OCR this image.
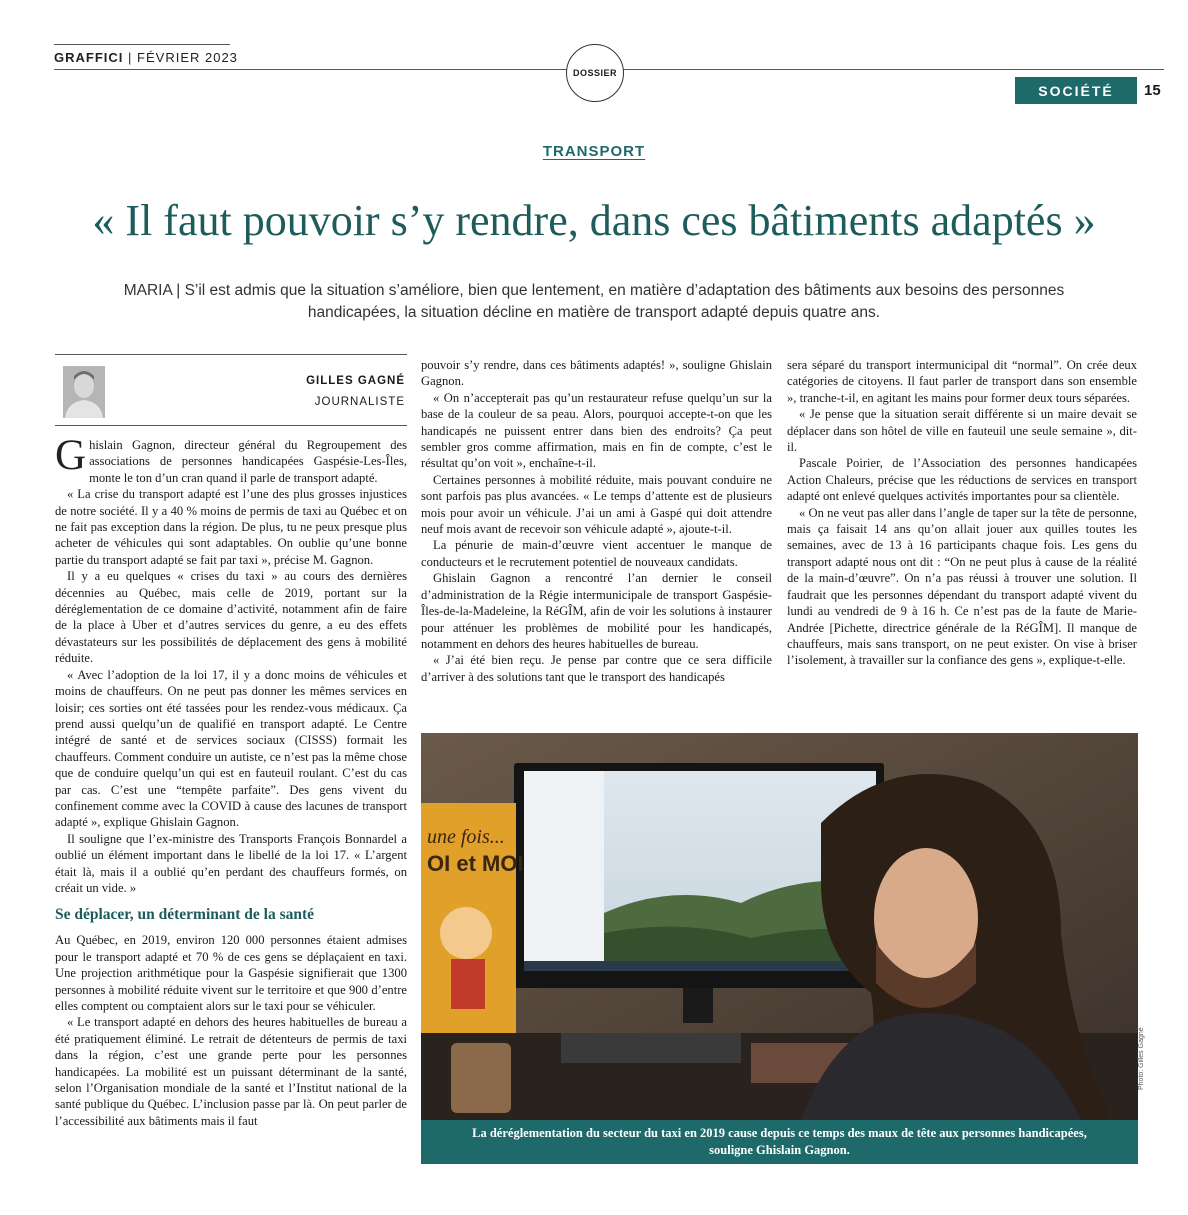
GRAFFICI | FÉVRIER 2023
DOSSIER
SOCIÉTÉ 15
TRANSPORT
« Il faut pouvoir s’y rendre, dans ces bâtiments adaptés »
MARIA | S’il est admis que la situation s’améliore, bien que lentement, en matière d’adaptation des bâtiments aux besoins des personnes handicapées, la situation décline en matière de transport adapté depuis quatre ans.
GILLES GAGNÉ
JOURNALISTE

Ghislain Gagnon, directeur général du Regroupement des associations de personnes handicapées Gaspésie-Les-Îles, monte le ton d’un cran quand il parle de transport adapté.

« La crise du transport adapté est l’une des plus grosses injustices de notre société. Il y a 40 % moins de permis de taxi au Québec et on ne fait pas exception dans la région. De plus, tu ne peux presque plus acheter de véhicules qui sont adaptables. On oublie qu’une bonne partie du transport adapté se fait par taxi », précise M. Gagnon.

Il y a eu quelques « crises du taxi » au cours des dernières décennies au Québec, mais celle de 2019, portant sur la déréglementation de ce domaine d’activité, notamment afin de faire de la place à Uber et d’autres services du genre, a eu des effets dévastateurs sur les possibilités de déplacement des gens à mobilité réduite.

« Avec l’adoption de la loi 17, il y a donc moins de véhicules et moins de chauffeurs. On ne peut pas donner les mêmes services en loisir; ces sorties ont été tassées pour les rendez-vous médicaux. Ça prend aussi quelqu’un de qualifié en transport adapté. Le Centre intégré de santé et de services sociaux (CISSS) formait les chauffeurs. Comment conduire un autiste, ce n’est pas la même chose que de conduire quelqu’un qui est en fauteuil roulant. C’est du cas par cas. C’est une “tempête parfaite”. Des gens vivent du confinement comme avec la COVID à cause des lacunes de transport adapté », explique Ghislain Gagnon.

Il souligne que l’ex-ministre des Transports François Bonnardel a oublié un élément important dans le libellé de la loi 17. « L’argent était là, mais il a oublié qu’en perdant des chauffeurs formés, on créait un vide. »

Se déplacer, un déterminant de la santé

Au Québec, en 2019, environ 120 000 personnes étaient admises pour le transport adapté et 70 % de ces gens se déplaçaient en taxi. Une projection arithmétique pour la Gaspésie signifierait que 1300 personnes à mobilité réduite vivent sur le territoire et que 900 d’entre elles comptent ou comptaient alors sur le taxi pour se véhiculer.

« Le transport adapté en dehors des heures habituelles de bureau a été pratiquement éliminé. Le retrait de détenteurs de permis de taxi dans la région, c’est une grande perte pour les personnes handicapées. La mobilité est un puissant déterminant de la santé, selon l’Organisation mondiale de la santé et l’Institut national de la santé publique du Québec. L’inclusion passe par là. On peut parler de l’accessibilité aux bâtiments mais il faut

pouvoir s’y rendre, dans ces bâtiments adaptés! », souligne Ghislain Gagnon.

« On n’accepterait pas qu’un restaurateur refuse quelqu’un sur la base de la couleur de sa peau. Alors, pourquoi accepte-t-on que les handicapés ne puissent entrer dans bien des endroits? Ça peut sembler gros comme affirmation, mais en fin de compte, c’est le résultat qu’on voit », enchaîne-t-il.

Certaines personnes à mobilité réduite, mais pouvant conduire ne sont parfois pas plus avancées. « Le temps d’attente est de plusieurs mois pour avoir un véhicule. J’ai un ami à Gaspé qui doit attendre neuf mois avant de recevoir son véhicule adapté », ajoute-t-il.

La pénurie de main-d’œuvre vient accentuer le manque de conducteurs et le recrutement potentiel de nouveaux candidats.

Ghislain Gagnon a rencontré l’an dernier le conseil d’administration de la Régie intermunicipale de transport Gaspésie-Îles-de-la-Madeleine, la RéGÎM, afin de voir les solutions à instaurer pour atténuer les problèmes de mobilité pour les handicapés, notamment en dehors des heures habituelles de bureau.

« J’ai été bien reçu. Je pense par contre que ce sera difficile d’arriver à des solutions tant que le transport des handicapés

sera séparé du transport intermunicipal dit “normal”. On crée deux catégories de citoyens. Il faut parler de transport dans son ensemble », tranche-t-il, en agitant les mains pour former deux tours séparées.

« Je pense que la situation serait différente si un maire devait se déplacer dans son hôtel de ville en fauteuil une seule semaine », dit-il.

Pascale Poirier, de l’Association des personnes handicapées Action Chaleurs, précise que les réductions de services en transport adapté ont enlevé quelques activités importantes pour sa clientèle.

« On ne veut pas aller dans l’angle de taper sur la tête de personne, mais ça faisait 14 ans qu’on allait jouer aux quilles toutes les semaines, avec de 13 à 16 participants chaque fois. Les gens du transport adapté nous ont dit : “On ne peut plus à cause de la réalité de la main-d’œuvre”. On n’a pas réussi à trouver une solution. Il faudrait que les personnes dépendant du transport adapté vivent du lundi au vendredi de 9 à 16 h. Ce n’est pas de la faute de Marie-Andrée [Pichette, directrice générale de la RéGÎM]. Il manque de chauffeurs, mais sans transport, on ne peut exister. On vise à briser l’isolement, à travailler sur la confiance des gens », explique-t-elle.

une fois...
OI et MOI
La déréglementation du secteur du taxi en 2019 cause depuis ce temps des maux de tête aux personnes handicapées, souligne Ghislain Gagnon.
Photo: Gilles Gagné
